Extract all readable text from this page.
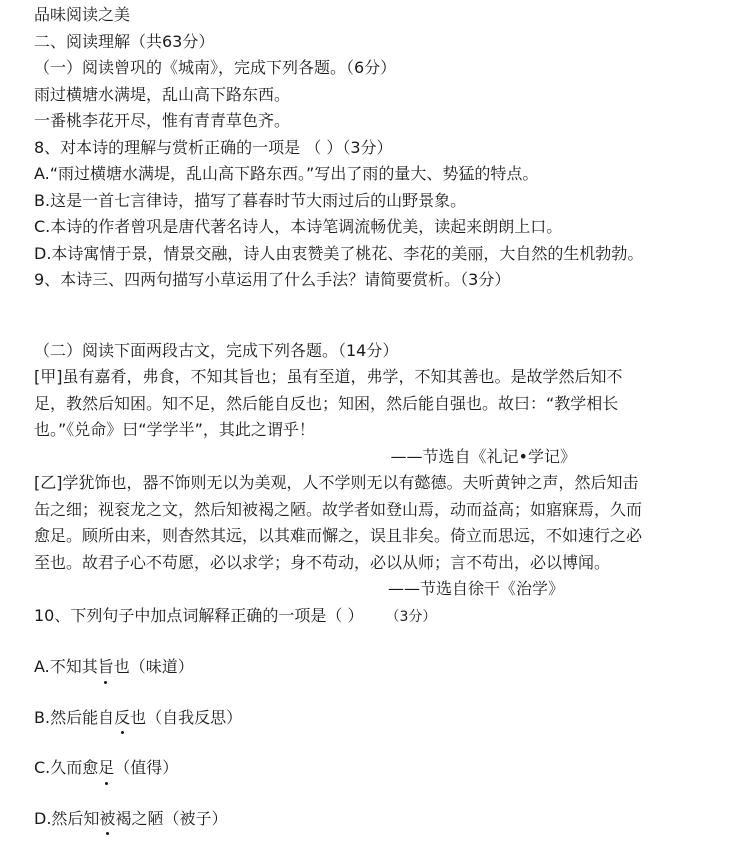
品味阅读之美
二、阅读理解（共63分）
（一）阅读曾巩的《城南》，完成下列各题。（6分）
雨过横塘水满堤，乱山高下路东西。
一番桃李花开尽，惟有青青草色齐。
8、对本诗的理解与赏析正确的一项是 （ ）（3分）
A.“雨过横塘水满堤，乱山高下路东西。”写出了雨的量大、势猛的特点。
B.这是一首七言律诗，描写了暮春时节大雨过后的山野景象。
C.本诗的作者曾巩是唐代著名诗人，本诗笔调流畅优美，读起来朗朗上口。
D.本诗寓情于景，情景交融，诗人由衷赞美了桃花、李花的美丽，大自然的生机勃勃。
9、本诗三、四两句描写小草运用了什么手法？请简要赏析。（3分）
（二）阅读下面两段古文，完成下列各题。（14分）
[甲]虽有嘉肴，弗食，不知其旨也；虽有至道，弗学，不知其善也。是故学然后知不
足，教然后知困。知不足，然后能自反也；知困，然后能自强也。故曰：“教学相长
也。”《兑命》曰“学学半”，其此之谓乎！
——节选自《礼记•学记》
[乙]学犹饰也，器不饰则无以为美观，人不学则无以有懿德。夫听黄钟之声，然后知击
缶之细；视衮龙之文，然后知被褐之陋。故学者如登山焉，动而益高；如寤寐焉，久而
愈足。顾所由来，则杳然其远，以其难而懈之，误且非矣。倚立而思远，不如速行之必
至也。故君子心不苟愿，必以求学；身不苟动，必以从师；言不苟出，必以博闻。
——节选自徐干《治学》
10、下列句子中加点词解释正确的一项是（ ） （3分）
A.不知其旨也（味道）
B.然后能自反也（自我反思）
C.久而愈足（值得）
D.然后知被褐之陋（被子）
